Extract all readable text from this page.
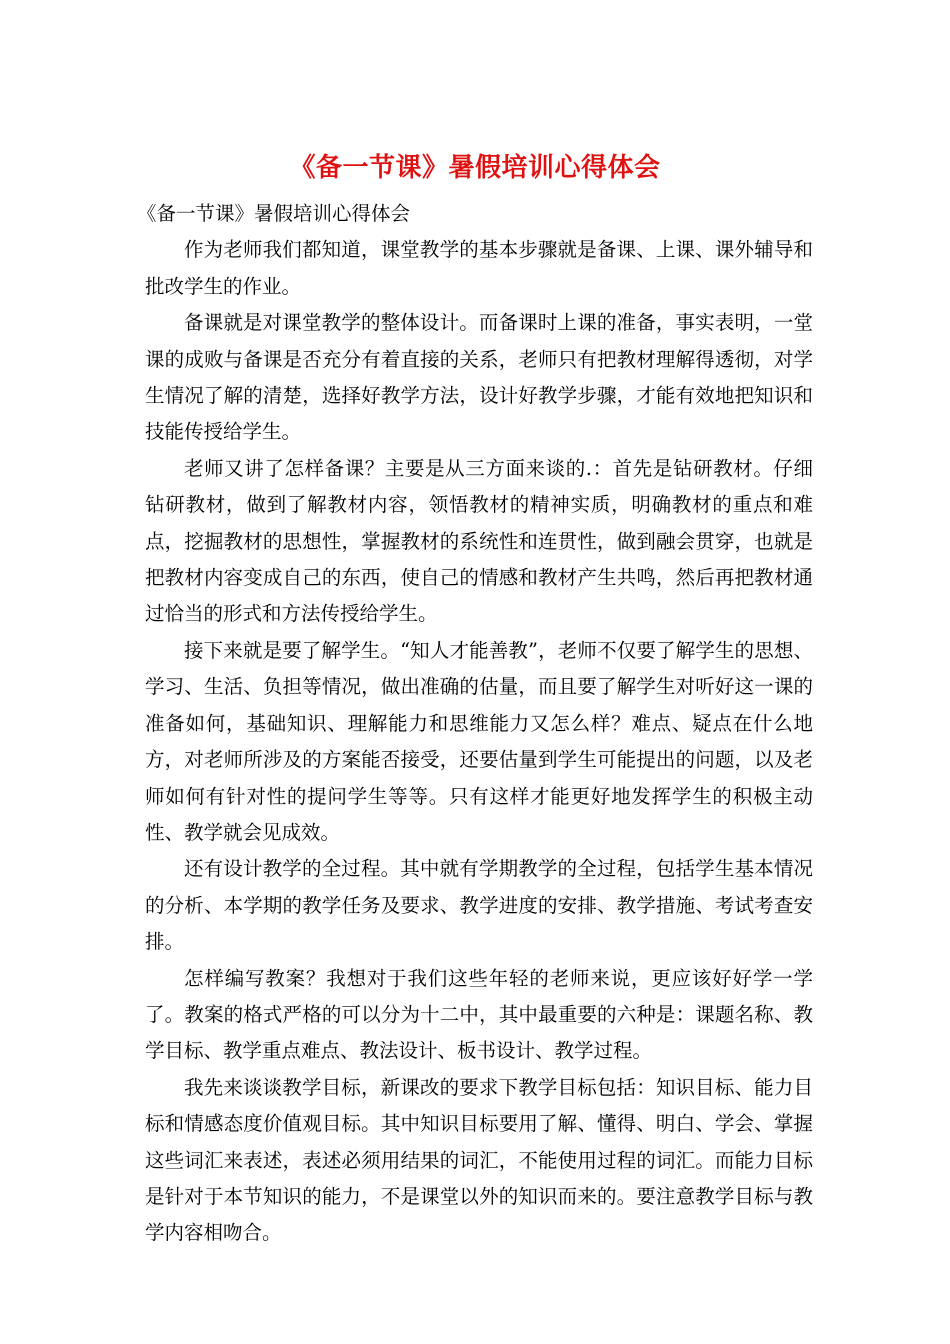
《备一节课》暑假培训心得体会

《备一节课》暑假培训心得体会

作为老师我们都知道，课堂教学的基本步骤就是备课、上课、课外辅导和批改学生的作业。

备课就是对课堂教学的整体设计。而备课时上课的准备，事实表明，一堂课的成败与备课是否充分有着直接的关系，老师只有把教材理解得透彻，对学生情况了解的清楚，选择好教学方法，设计好教学步骤，才能有效地把知识和技能传授给学生。

老师又讲了怎样备课？主要是从三方面来谈的.：首先是钻研教材。仔细钻研教材，做到了解教材内容，领悟教材的精神实质，明确教材的重点和难点，挖掘教材的思想性，掌握教材的系统性和连贯性，做到融会贯穿，也就是把教材内容变成自己的东西，使自己的情感和教材产生共鸣，然后再把教材通过恰当的形式和方法传授给学生。

接下来就是要了解学生。“知人才能善教”，老师不仅要了解学生的思想、学习、生活、负担等情况，做出准确的估量，而且要了解学生对听好这一课的准备如何，基础知识、理解能力和思维能力又怎么样？难点、疑点在什么地方，对老师所涉及的方案能否接受，还要估量到学生可能提出的问题，以及老师如何有针对性的提问学生等等。只有这样才能更好地发挥学生的积极主动性、教学就会见成效。

还有设计教学的全过程。其中就有学期教学的全过程，包括学生基本情况的分析、本学期的教学任务及要求、教学进度的安排、教学措施、考试考查安排。

怎样编写教案？我想对于我们这些年轻的老师来说，更应该好好学一学了。教案的格式严格的可以分为十二中，其中最重要的六种是：课题名称、教学目标、教学重点难点、教法设计、板书设计、教学过程。

我先来谈谈教学目标，新课改的要求下教学目标包括：知识目标、能力目标和情感态度价值观目标。其中知识目标要用了解、懂得、明白、学会、掌握这些词汇来表述，表述必须用结果的词汇，不能使用过程的词汇。而能力目标是针对于本节知识的能力，不是课堂以外的知识而来的。要注意教学目标与教学内容相吻合。
